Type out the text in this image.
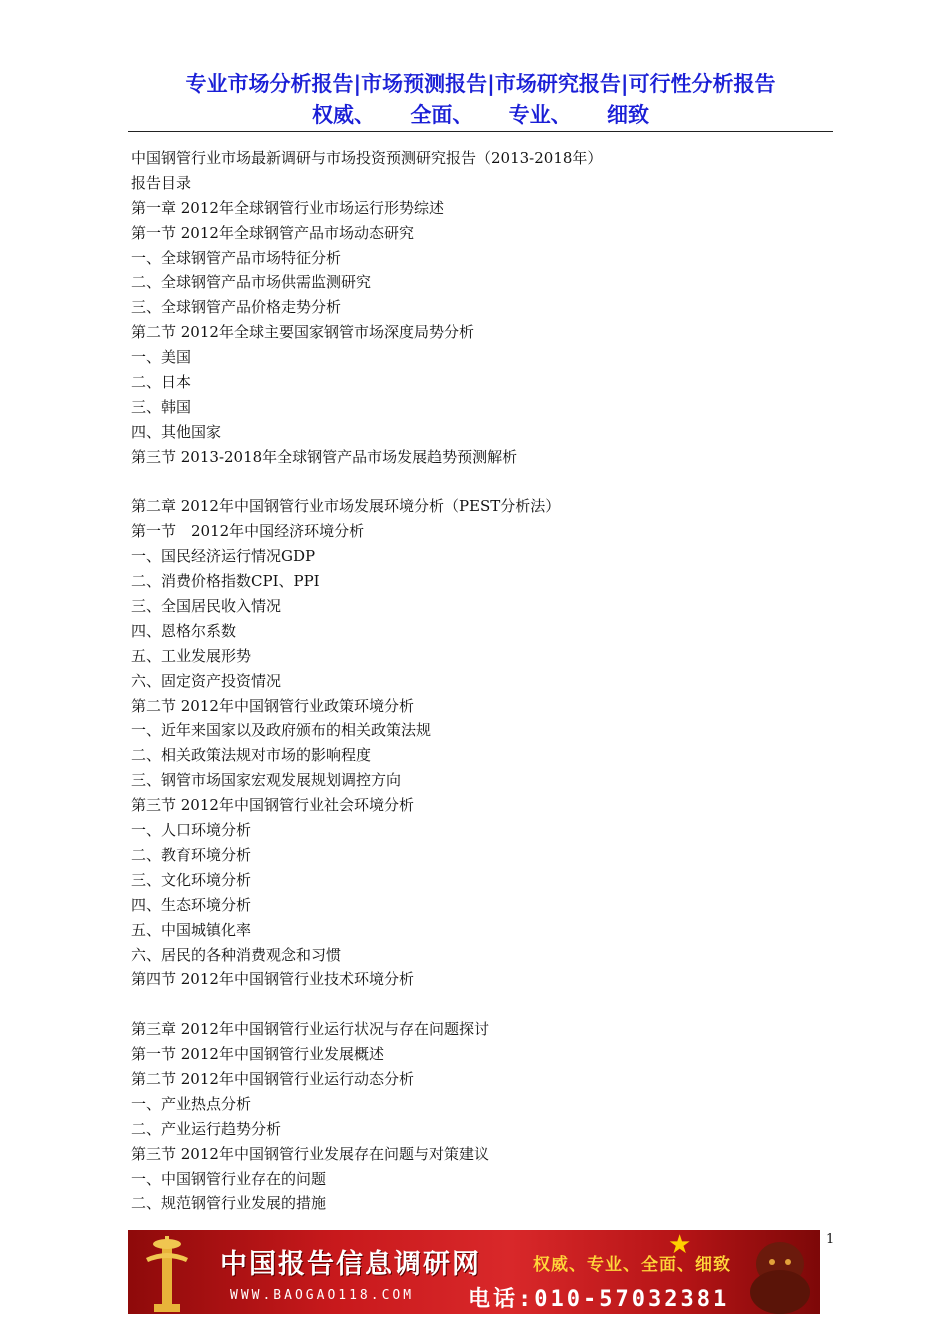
专业市场分析报告|市场预测报告|市场研究报告|可行性分析报告
权威、 全面、 专业、 细致
中国钢管行业市场最新调研与市场投资预测研究报告（2013-2018年）
报告目录
第一章 2012年全球钢管行业市场运行形势综述
第一节 2012年全球钢管产品市场动态研究
一、全球钢管产品市场特征分析
二、全球钢管产品市场供需监测研究
三、全球钢管产品价格走势分析
第二节 2012年全球主要国家钢管市场深度局势分析
一、美国
二、日本
三、韩国
四、其他国家
第三节 2013-2018年全球钢管产品市场发展趋势预测解析
第二章 2012年中国钢管行业市场发展环境分析（PEST分析法）
第一节　2012年中国经济环境分析
一、国民经济运行情况GDP
二、消费价格指数CPI、PPI
三、全国居民收入情况
四、恩格尔系数
五、工业发展形势
六、固定资产投资情况
第二节 2012年中国钢管行业政策环境分析
一、近年来国家以及政府颁布的相关政策法规
二、相关政策法规对市场的影响程度
三、钢管市场国家宏观发展规划调控方向
第三节 2012年中国钢管行业社会环境分析
一、人口环境分析
二、教育环境分析
三、文化环境分析
四、生态环境分析
五、中国城镇化率
六、居民的各种消费观念和习惯
第四节 2012年中国钢管行业技术环境分析
第三章 2012年中国钢管行业运行状况与存在问题探讨
第一节 2012年中国钢管行业发展概述
第二节 2012年中国钢管行业运行动态分析
一、产业热点分析
二、产业运行趋势分析
第三节 2012年中国钢管行业发展存在问题与对策建议
一、中国钢管行业存在的问题
二、规范钢管行业发展的措施
1
中国报告信息调研网	权威、专业、全面、细致
WWW.BAOGAO118.COM 电话:010-57032381
★
